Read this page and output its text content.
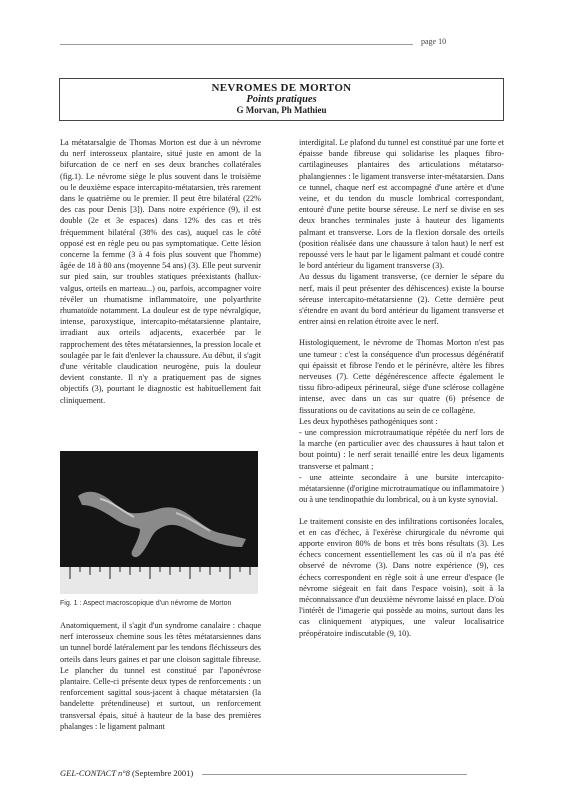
page 10
NEVROMES DE MORTON
Points pratiques
G Morvan, Ph Mathieu

La métatarsalgie de Thomas Morton est due à un névrome du nerf interosseux plantaire, situé juste en amont de la bifurcation de ce nerf en ses deux branches collatérales (fig.1). Le névrome siège le plus souvent dans le troisième ou le deuxième espace intercapito-métatarsien, très rarement dans le quatrième ou le premier. Il peut être bilatéral (22% des cas pour Denis [3]). Dans notre expérience (9), il est double (2e et 3e espaces) dans 12% des cas et très fréquemment bilatéral (38% des cas), auquel cas le côté opposé est en règle peu ou pas symptomatique. Cette lésion concerne la femme (3 à 4 fois plus souvent que l'homme) âgée de 18 à 80 ans (moyenne 54 ans) (3). Elle peut survenir sur pied sain, sur troubles statiques préexistants (hallux-valgus, orteils en marteau...) ou, parfois, accompagner voire révéler un rhumatisme inflammatoire, une polyarthrite rhumatoïde notamment. La douleur est de type névralgique, intense, paroxystique, intercapito-métatarsienne plantaire, irradiant aux orteils adjacents, exacerbée par le rapprochement des têtes métatarsiennes, la pression locale et soulagée par le fait d'enlever la chaussure. Au début, il s'agit d'une véritable claudication neurogène, puis la douleur devient constante. Il n'y a pratiquement pas de signes objectifs (3), pourtant le diagnostic est habituellement fait cliniquement.

Fig. 1 : Aspect macroscopique d'un névrome de Morton

Anatomiquement, il s'agit d'un syndrome canalaire : chaque nerf interosseux chemine sous les têtes métatarsiennes dans un tunnel bordé latéralement par les tendons fléchisseurs des orteils dans leurs gaines et par une cloison sagittale fibreuse. Le plancher du tunnel est constitué par l'aponévrose plantaire. Celle-ci présente deux types de renforcements : un renforcement sagittal sous-jacent à chaque métatarsien (la bandelette prétendineuse) et surtout, un renforcement transversal épais, situé à hauteur de la base des premières phalanges : le ligament palmant

interdigital. Le plafond du tunnel est constitué par une forte et épaisse bande fibreuse qui solidarise les plaques fibro-cartilagineuses plantaires des articulations métatarso-phalangiennes : le ligament transverse inter-métatarsien. Dans ce tunnel, chaque nerf est accompagné d'une artère et d'une veine, et du tendon du muscle lombrical correspondant, entouré d'une petite bourse séreuse. Le nerf se divise en ses deux branches terminales juste à hauteur des ligaments palmant et transverse. Lors de la flexion dorsale des orteils (position réalisée dans une chaussure à talon haut) le nerf est repoussé vers le haut par le ligament palmant et coudé contre le bord antérieur du ligament transverse (3).

Au dessus du ligament transverse, (ce dernier le sépare du nerf, mais il peut présenter des déhiscences) existe la bourse séreuse intercapito-métatarsienne (2). Cette dernière peut s'étendre en avant du bord antérieur du ligament transverse et entrer ainsi en relation étroite avec le nerf.

Histologiquement, le névrome de Thomas Morton n'est pas une tumeur : c'est la conséquence d'un processus dégénératif qui épaissit et fibrose l'endo et le périnèvre, altère les fibres nerveuses (7). Cette dégénérescence affecte également le tissu fibro-adipeux périneural, siège d'une sclérose collagène intense, avec dans un cas sur quatre (6) présence de fissurations ou de cavitations au sein de ce collagène.

Les deux hypothèses pathogéniques sont :

- une compression microtraumatique répétée du nerf lors de la marche (en particulier avec des chaussures à haut talon et bout pointu) : le nerf serait tenaillé entre les deux ligaments transverse et palmant ;

- une atteinte secondaire à une bursite intercapito-métatarsienne (d'origine microtraumatique ou inflammatoire ) ou à une tendinopathie du lombrical, ou à un kyste synovial.

Le traitement consiste en des infiltrations cortisonées locales, et en cas d'échec, à l'exérèse chirurgicale du névrome qui apporte environ 80% de bons et très bons résultats (3). Les échecs concernent essentiellement les cas où il n'a pas été observé de névrome (3). Dans notre expérience (9), ces échecs correspondent en règle soit à une erreur d'espace (le névrome siégeait en fait dans l'espace voisin), soit à la méconnaissance d'un deuxième névrome laissé en place. D'où l'intérêt de l'imagerie qui possède au moins, surtout dans les cas cliniquement atypiques, une valeur localisatrice préopératoire indiscutable (9, 10).

GEL-CONTACT n°8 (Septembre 2001)
